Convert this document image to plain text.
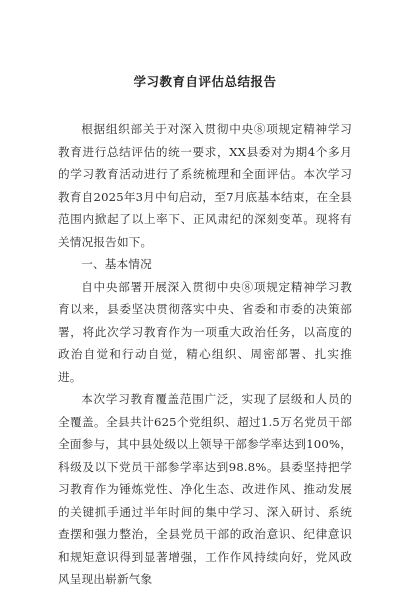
学习教育自评估总结报告

根据组织部关于对深入贯彻中央⑧项规定精神学习教育进行总结评估的统一要求，XX县委对为期4个多月的学习教育活动进行了系统梳理和全面评估。本次学习教育自2025年3月中旬启动，至7月底基本结束，在全县范围内掀起了以上率下、正风肃纪的深刻变革。现将有关情况报告如下。

一、基本情况

自中央部署开展深入贯彻中央⑧项规定精神学习教育以来，县委坚决贯彻落实中央、省委和市委的决策部署，将此次学习教育作为一项重大政治任务，以高度的政治自觉和行动自觉，精心组织、周密部署、扎实推进。

本次学习教育覆盖范围广泛，实现了层级和人员的全覆盖。全县共计625个党组织、超过1.5万名党员干部全面参与，其中县处级以上领导干部参学率达到100%，科级及以下党员干部参学率达到98.8%。县委坚持把学习教育作为锤炼党性、净化生态、改进作风、推动发展的关键抓手通过半年时间的集中学习、深入研讨、系统查摆和强力整治，全县党员干部的政治意识、纪律意识和规矩意识得到显著增强，工作作风持续向好，党风政风呈现出崭新气象
